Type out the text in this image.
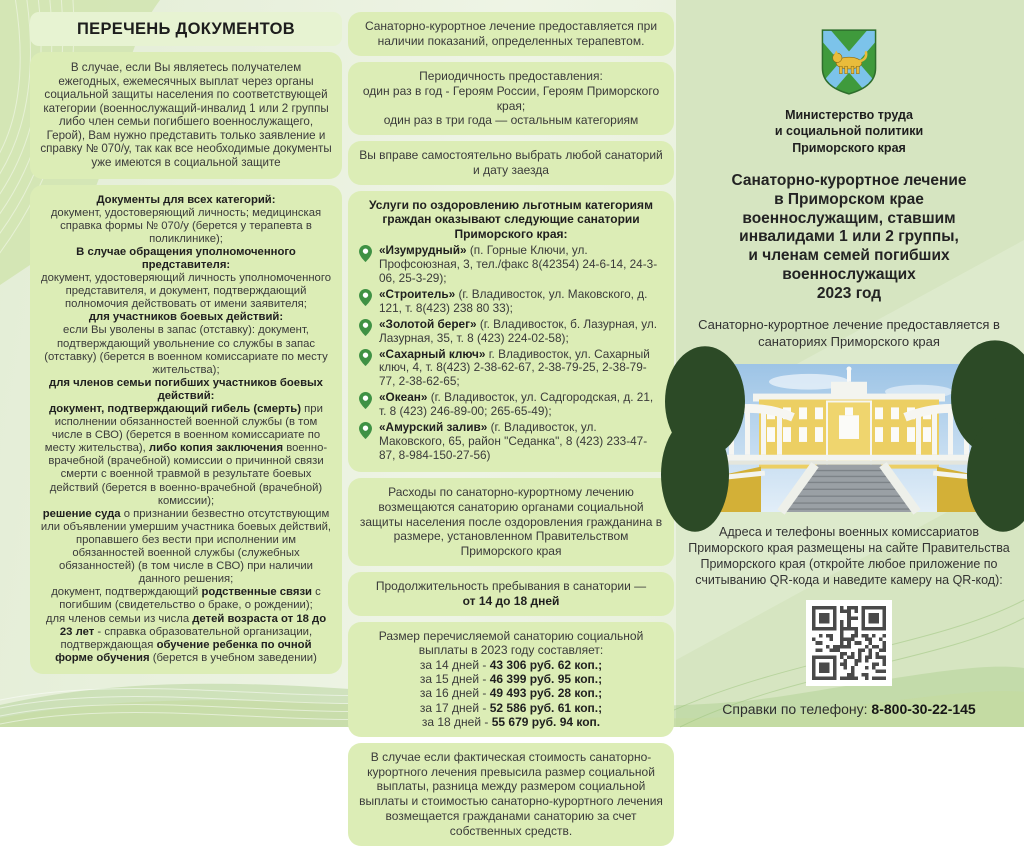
ПЕРЕЧЕНЬ ДОКУМЕНТОВ
В случае, если Вы являетесь получателем ежегодных, ежемесячных выплат через органы социальной защиты населения по соответствующей категории (военнослужащий-инвалид 1 или 2 группы либо член семьи погибшего военнослужащего, Герой), Вам нужно представить только заявление и справку № 070/у, так как все необходимые документы уже имеются в социальной защите
Документы для всех категорий:
документ, удостоверяющий личность; медицинская справка формы № 070/у (берется у терапевта в поликлинике);
В случае обращения уполномоченного представителя:
документ, удостоверяющий личность уполномоченного представителя, и документ, подтверждающий полномочия действовать от имени заявителя;
для участников боевых действий:
если Вы уволены в запас (отставку): документ, подтверждающий увольнение со службы в запас (отставку) (берется в военном комиссариате по месту жительства);
для членов семьи погибших участников боевых действий:
документ, подтверждающий гибель (смерть) при исполнении обязанностей военной службы (в том числе в СВО) (берется в военном комиссариате по месту жительства), либо копия заключения военно-врачебной (врачебной) комиссии о причинной связи смерти с военной травмой в результате боевых действий (берется в военно-врачебной (врачебной) комиссии);
решение суда о признании безвестно отсутствующим или объявлении умершим участника боевых действий, пропавшего без вести при исполнении им обязанностей военной службы (служебных обязанностей) (в том числе в СВО) при наличии данного решения;
документ, подтверждающий родственные связи с погибшим (свидетельство о браке, о рождении);
для членов семьи из числа детей возраста от 18 до 23 лет - справка образовательной организации, подтверждающая обучение ребенка по очной форме обучения (берется в учебном заведении)
Санаторно-курортное лечение предоставляется при наличии показаний, определенных терапевтом.
Периодичность предоставления:
один раз в год - Героям России, Героям Приморского края;
один раз в три года — остальным категориям
Вы вправе самостоятельно выбрать любой санаторий и дату заезда
Услуги по оздоровлению льготным категориям граждан оказывают следующие санатории Приморского края:
«Изумрудный» (п. Горные Ключи, ул. Профсоюзная, 3, тел./факс 8(42354) 24-6-14, 24-3-06, 25-3-29);
«Строитель» (г. Владивосток, ул. Маковского, д. 121, т. 8(423) 238 80 33);
«Золотой берег» (г. Владивосток, б. Лазурная, ул. Лазурная, 35, т. 8 (423) 224-02-58);
«Сахарный ключ» г. Владивосток, ул. Сахарный ключ, 4, т. 8(423) 2-38-62-67, 2-38-79-25, 2-38-79-77, 2-38-62-65;
«Океан» (г. Владивосток, ул. Садгородская, д. 21, т. 8 (423) 246-89-00; 265-65-49);
«Амурский залив» (г. Владивосток, ул. Маковского, 65, район "Седанка", 8 (423) 233-47-87, 8-984-150-27-56)
Расходы по санаторно-курортному лечению возмещаются санаторию органами социальной защиты населения после оздоровления гражданина в размере, установленном Правительством Приморского края
Продолжительность пребывания в санатории —
от 14 до 18 дней
Размер перечисляемой санаторию социальной выплаты в 2023 году составляет:
за 14 дней - 43 306 руб. 62 коп.;
за 15 дней - 46 399 руб. 95 коп.;
за 16 дней - 49 493 руб. 28 коп.;
за 17 дней - 52 586 руб. 61 коп.;
за 18 дней - 55 679 руб. 94 коп.
В случае если фактическая стоимость санаторно-курортного лечения превысила размер социальной выплаты, разница между размером социальной выплаты и стоимостью санаторно-курортного лечения возмещается гражданами санаторию за счет собственных средств.
Министерство труда
и социальной политики
Приморского края
Санаторно-курортное лечение
в Приморском крае
военнослужащим, ставшим
инвалидами 1 или 2 группы,
и членам семей погибших
военнослужащих
2023 год
Санаторно-курортное лечение предоставляется в санаториях Приморского края
Адреса и телефоны военных комиссариатов Приморского края размещены на сайте Правительства Приморского края (откройте любое приложение по считыванию QR-кода и наведите камеру на QR-код):
Справки по телефону: 8-800-30-22-145
